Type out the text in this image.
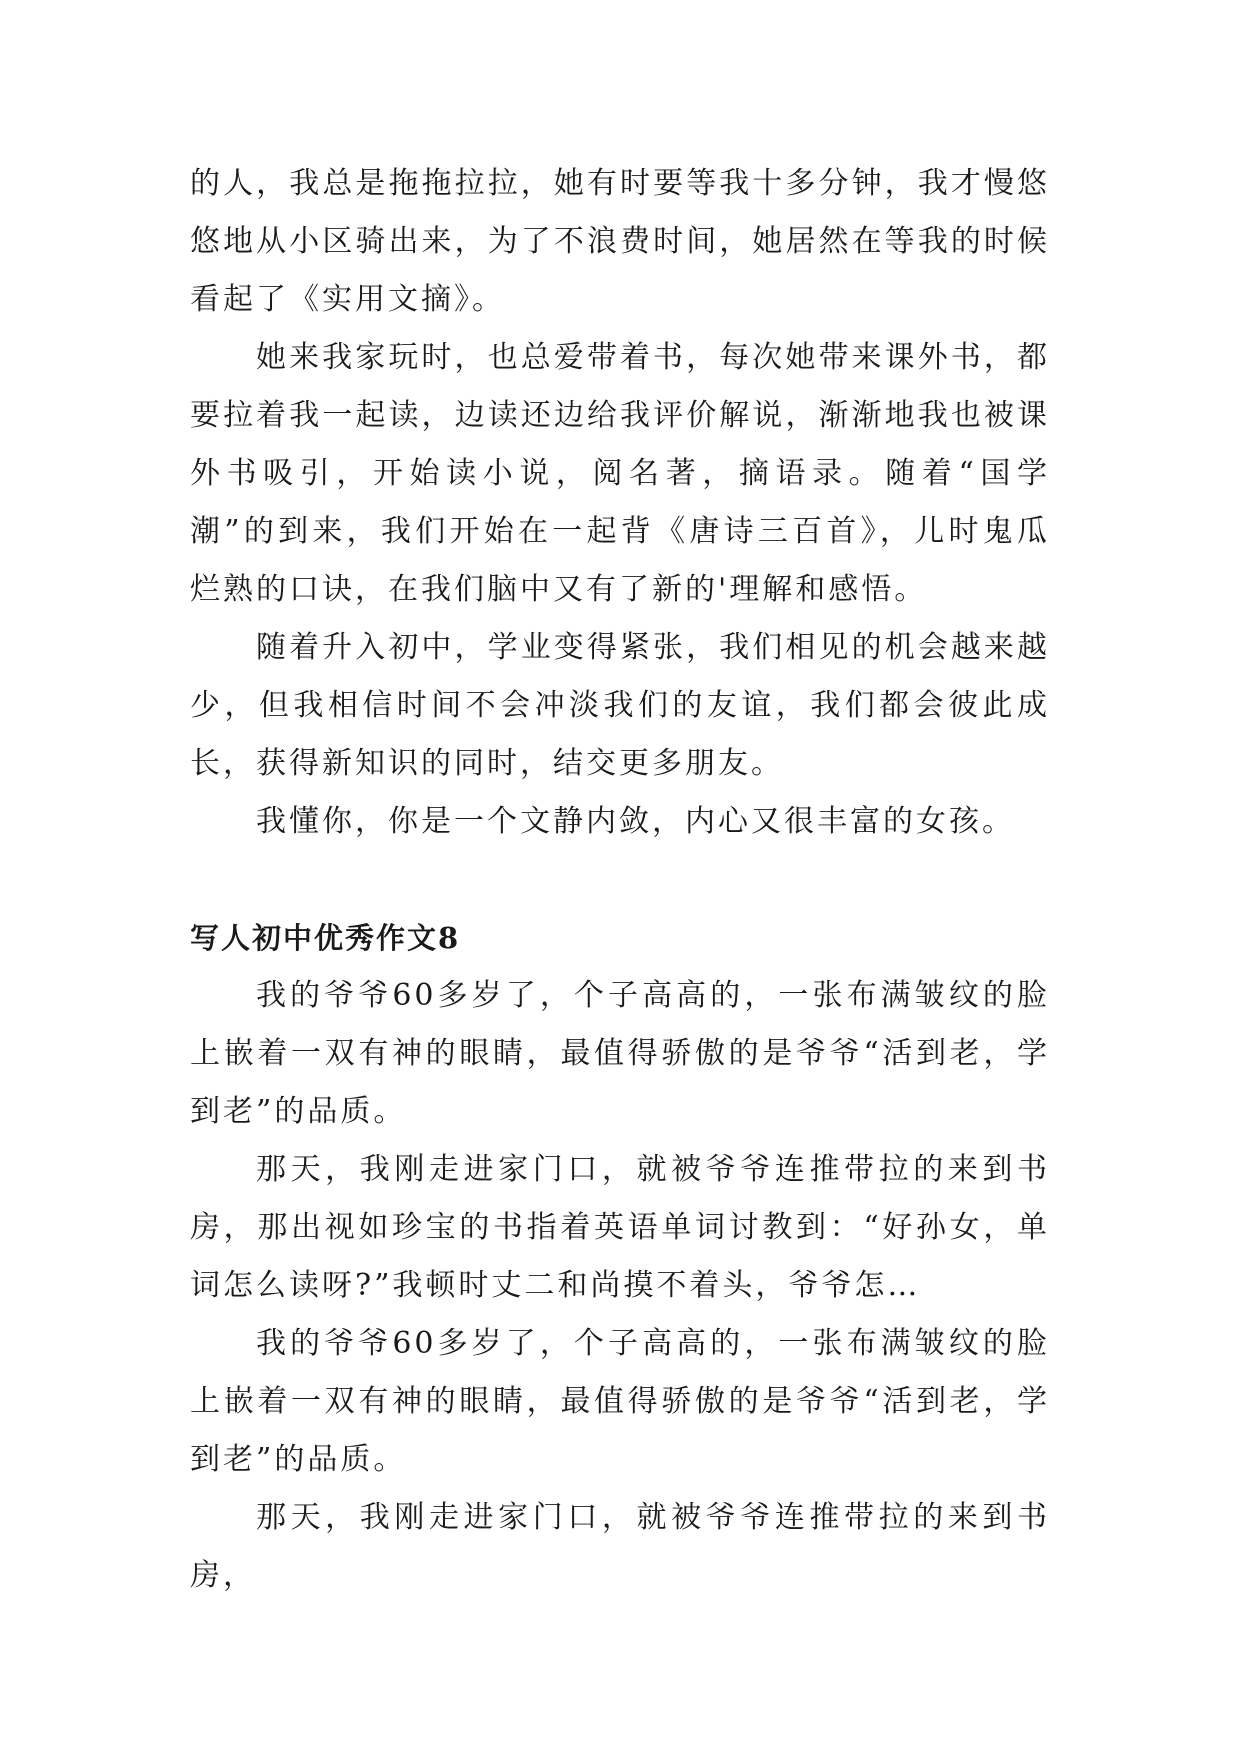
的人，我总是拖拖拉拉，她有时要等我十多分钟，我才慢悠悠地从小区骑出来，为了不浪费时间，她居然在等我的时候看起了《实用文摘》。

她来我家玩时，也总爱带着书，每次她带来课外书，都要拉着我一起读，边读还边给我评价解说，渐渐地我也被课外书吸引，开始读小说，阅名著，摘语录。随着“国学潮”的到来，我们开始在一起背《唐诗三百首》，儿时鬼瓜烂熟的口诀，在我们脑中又有了新的'理解和感悟。

随着升入初中，学业变得紧张，我们相见的机会越来越少，但我相信时间不会冲淡我们的友谊，我们都会彼此成长，获得新知识的同时，结交更多朋友。

我懂你，你是一个文静内敛，内心又很丰富的女孩。

写人初中优秀作文8

我的爷爷60多岁了，个子高高的，一张布满皱纹的脸上嵌着一双有神的眼睛，最值得骄傲的是爷爷“活到老，学到老”的品质。

那天，我刚走进家门口，就被爷爷连推带拉的来到书房，那出视如珍宝的书指着英语单词讨教到：“好孙女，单词怎么读呀?”我顿时丈二和尚摸不着头，爷爷怎…

我的爷爷60多岁了，个子高高的，一张布满皱纹的脸上嵌着一双有神的眼睛，最值得骄傲的是爷爷“活到老，学到老”的品质。

那天，我刚走进家门口，就被爷爷连推带拉的来到书房，
